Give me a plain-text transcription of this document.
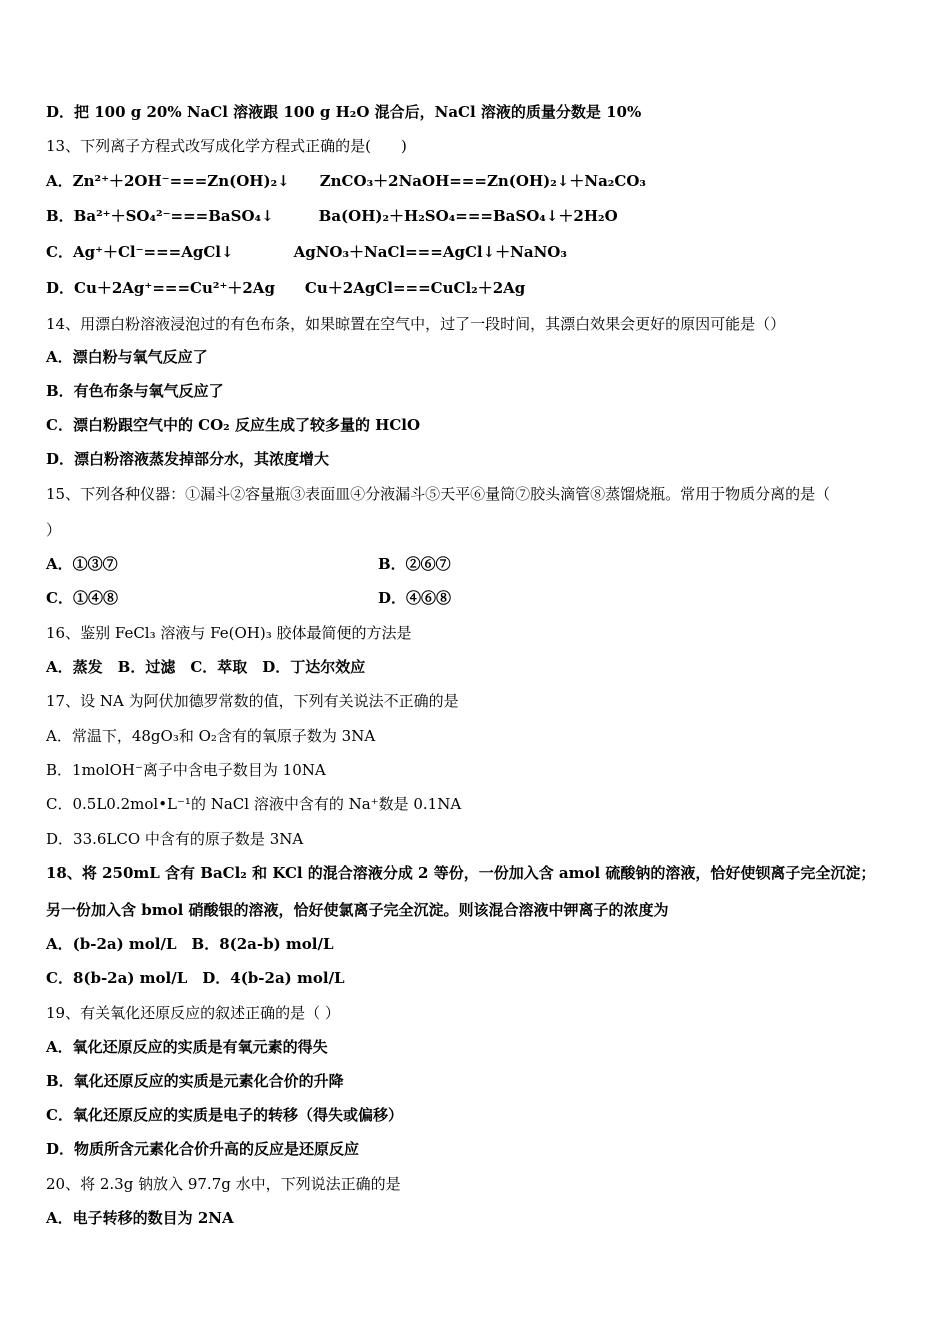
D．把 100 g 20% NaCl 溶液跟 100 g H₂O 混合后，NaCl 溶液的质量分数是 10%
13、下列离子方程式改写成化学方程式正确的是(　　)
A．Zn²⁺＋2OH⁻===Zn(OH)₂↓　　ZnCO₃＋2NaOH===Zn(OH)₂↓＋Na₂CO₃
B．Ba²⁺＋SO₄²⁻===BaSO₄↓　　　Ba(OH)₂＋H₂SO₄===BaSO₄↓＋2H₂O
C．Ag⁺＋Cl⁻===AgCl↓　　　　AgNO₃＋NaCl===AgCl↓＋NaNO₃
D．Cu＋2Ag⁺===Cu²⁺＋2Ag　　Cu＋2AgCl===CuCl₂＋2Ag
14、用漂白粉溶液浸泡过的有色布条，如果晾置在空气中，过了一段时间，其漂白效果会更好的原因可能是（）
A．漂白粉与氧气反应了
B．有色布条与氧气反应了
C．漂白粉跟空气中的 CO₂ 反应生成了较多量的 HClO
D．漂白粉溶液蒸发掉部分水，其浓度增大
15、下列各种仪器：①漏斗②容量瓶③表面皿④分液漏斗⑤天平⑥量筒⑦胶头滴管⑧蒸馏烧瓶。常用于物质分离的是（
）
A．①③⑦	B．②⑥⑦
C．①④⑧	D．④⑥⑧
16、鉴别 FeCl₃ 溶液与 Fe(OH)₃ 胶体最简便的方法是
A．蒸发　B．过滤　C．萃取　D．丁达尔效应
17、设 NA 为阿伏加德罗常数的值，下列有关说法不正确的是
A．常温下，48gO₃和 O₂含有的氧原子数为 3NA
B．1molOH⁻离子中含电子数目为 10NA
C．0.5L0.2mol•L⁻¹的 NaCl 溶液中含有的 Na⁺数是 0.1NA
D．33.6LCO 中含有的原子数是 3NA
18、将 250mL 含有 BaCl₂ 和 KCl 的混合溶液分成 2 等份，一份加入含 amol 硫酸钠的溶液，恰好使钡离子完全沉淀；
另一份加入含 bmol 硝酸银的溶液，恰好使氯离子完全沉淀。则该混合溶液中钾离子的浓度为
A．(b-2a) mol/L　B．8(2a-b) mol/L
C．8(b-2a) mol/L　D．4(b-2a) mol/L
19、有关氧化还原反应的叙述正确的是（ ）
A．氧化还原反应的实质是有氧元素的得失
B．氧化还原反应的实质是元素化合价的升降
C．氧化还原反应的实质是电子的转移（得失或偏移）
D．物质所含元素化合价升高的反应是还原反应
20、将 2.3g 钠放入 97.7g 水中，下列说法正确的是
A．电子转移的数目为 2NA
